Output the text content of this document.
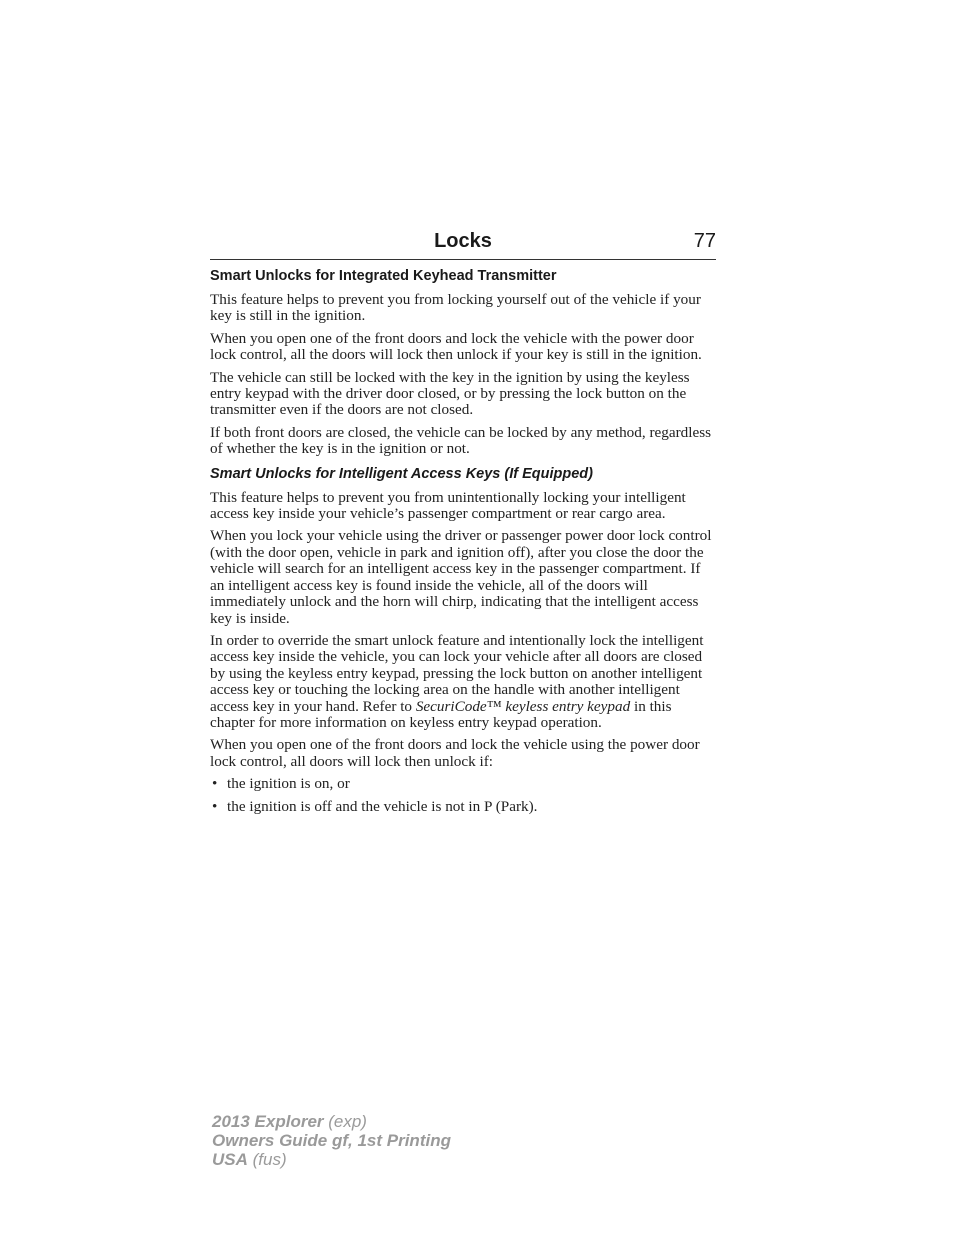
Locks	77
Smart Unlocks for Integrated Keyhead Transmitter

This feature helps to prevent you from locking yourself out of the vehicle if your key is still in the ignition.

When you open one of the front doors and lock the vehicle with the power door lock control, all the doors will lock then unlock if your key is still in the ignition.

The vehicle can still be locked with the key in the ignition by using the keyless entry keypad with the driver door closed, or by pressing the lock button on the transmitter even if the doors are not closed.

If both front doors are closed, the vehicle can be locked by any method, regardless of whether the key is in the ignition or not.

Smart Unlocks for Intelligent Access Keys (If Equipped)

This feature helps to prevent you from unintentionally locking your intelligent access key inside your vehicle’s passenger compartment or rear cargo area.

When you lock your vehicle using the driver or passenger power door lock control (with the door open, vehicle in park and ignition off), after you close the door the vehicle will search for an intelligent access key in the passenger compartment. If an intelligent access key is found inside the vehicle, all of the doors will immediately unlock and the horn will chirp, indicating that the intelligent access key is inside.

In order to override the smart unlock feature and intentionally lock the intelligent access key inside the vehicle, you can lock your vehicle after all doors are closed by using the keyless entry keypad, pressing the lock button on another intelligent access key or touching the locking area on the handle with another intelligent access key in your hand. Refer to SecuriCode™ keyless entry keypad in this chapter for more information on keyless entry keypad operation.

When you open one of the front doors and lock the vehicle using the power door lock control, all doors will lock then unlock if:

• the ignition is on, or
• the ignition is off and the vehicle is not in P (Park).
2013 Explorer (exp)
Owners Guide gf, 1st Printing
USA (fus)
